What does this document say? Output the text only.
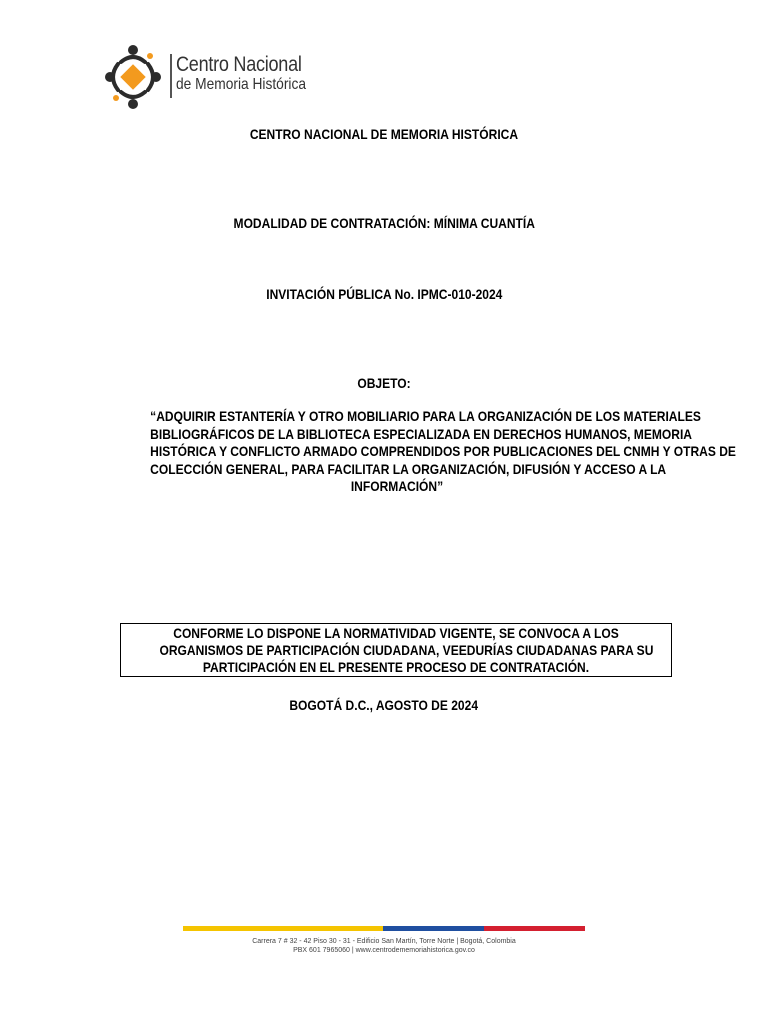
Centro Nacional
de Memoria Histórica
CENTRO NACIONAL DE MEMORIA HISTÓRICA
MODALIDAD DE CONTRATACIÓN: MÍNIMA CUANTÍA
INVITACIÓN PÚBLICA No. IPMC-010-2024
OBJETO:
“ADQUIRIR ESTANTERÍA Y OTRO MOBILIARIO PARA LA ORGANIZACIÓN DE LOS MATERIALES
BIBLIOGRÁFICOS DE LA BIBLIOTECA ESPECIALIZADA EN DERECHOS HUMANOS, MEMORIA
HISTÓRICA Y CONFLICTO ARMADO COMPRENDIDOS POR PUBLICACIONES DEL CNMH Y OTRAS DE
COLECCIÓN GENERAL, PARA FACILITAR LA ORGANIZACIÓN, DIFUSIÓN Y ACCESO A LA
INFORMACIÓN”
CONFORME LO DISPONE LA NORMATIVIDAD VIGENTE, SE CONVOCA A LOS
ORGANISMOS DE PARTICIPACIÓN CIUDADANA, VEEDURÍAS CIUDADANAS PARA SU
PARTICIPACIÓN EN EL PRESENTE PROCESO DE CONTRATACIÓN.
BOGOTÁ D.C., AGOSTO DE 2024
Carrera 7 # 32 - 42 Piso 30 - 31 - Edificio San Martín, Torre Norte | Bogotá, Colombia
PBX 601 7965060 | www.centrodememoriahistorica.gov.co
